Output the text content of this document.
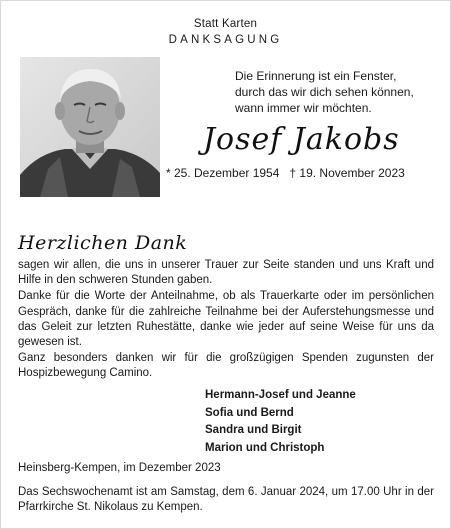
Statt Karten
DANKSAGUNG
Die Erinnerung ist ein Fenster,
durch das wir dich sehen können,
wann immer wir möchten.
Josef Jakobs
* 25. Dezember 1954 † 19. November 2023
Herzlichen Dank

sagen wir allen, die uns in unserer Trauer zur Seite standen und uns Kraft und Hilfe in den schweren Stunden gaben.

Danke für die Worte der Anteilnahme, ob als Trauerkarte oder im persönlichen Gespräch, danke für die zahlreiche Teilnahme bei der Auferstehungsmesse und das Geleit zur letzten Ruhestätte, danke wie jeder auf seine Weise für uns da gewesen ist.

Ganz besonders danken wir für die großzügigen Spenden zugunsten der Hospizbewegung Camino.

Hermann-Josef und Jeanne
Sofia und Bernd
Sandra und Birgit
Marion und Christoph
Heinsberg-Kempen, im Dezember 2023
Das Sechswochenamt ist am Samstag, dem 6. Januar 2024, um 17.00 Uhr in der Pfarrkirche St. Nikolaus zu Kempen.
